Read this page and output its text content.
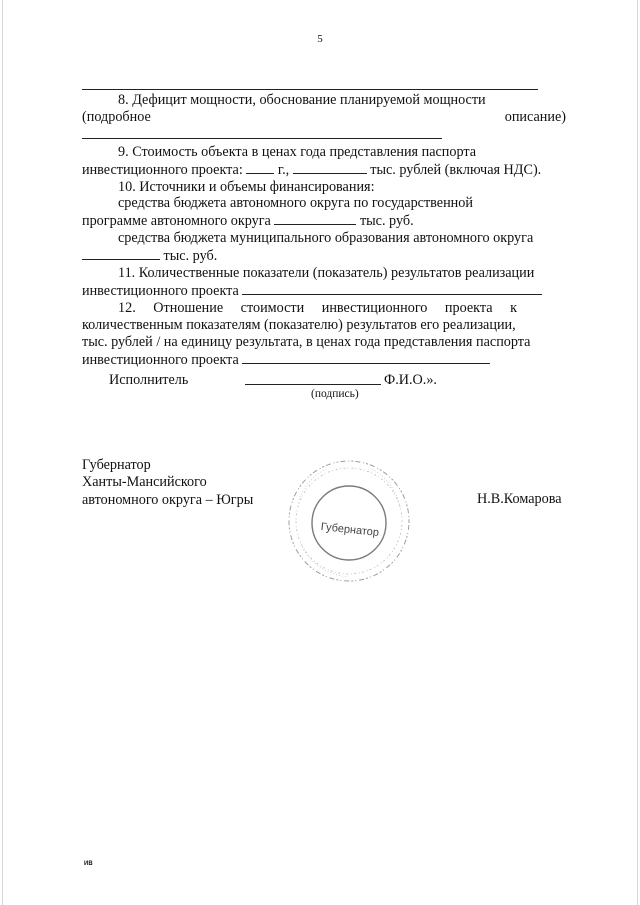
5

8. Дефицит мощности, обоснование планируемой мощности

(подробное описание)

9. Стоимость объекта в ценах года представления паспорта

инвестиционного проекта: г.,	тыс. рублей (включая НДС).

10. Источники и объемы финансирования:

средства бюджета автономного округа по государственной

программе автономного округа	тыс. руб.

средства бюджета муниципального образования автономного округа

тыс. руб.

11. Количественные показатели (показатель) результатов реализации

инвестиционного проекта

12. Отношение стоимости инвестиционного проекта к

количественным показателям (показателю) результатов его реализации,

тыс. рублей / на единицу результата, в ценах года представления паспорта

инвестиционного проекта

Исполнитель	Ф.И.О.».
(подпись)
Губернатор
Ханты-Мансийского
автономного округа – Югры	Н.В.Комарова
Губернатор
ИВ
